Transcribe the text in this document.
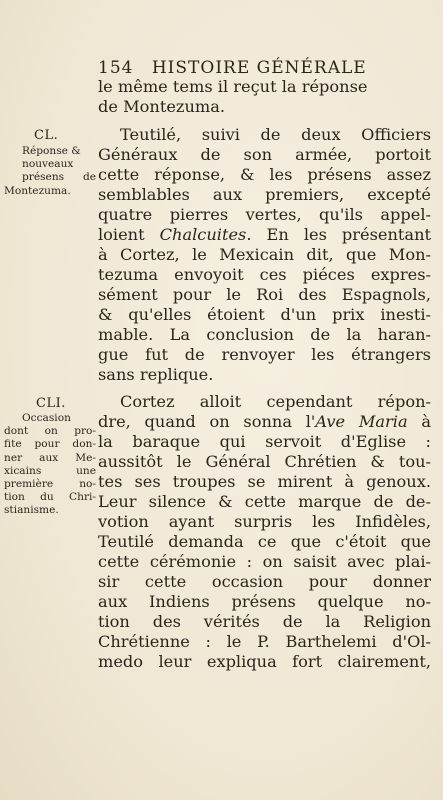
154 HISTOIRE GÉNÉRALE
le même tems il reçut la réponse
de Montezuma.
Teutilé, suivi de deux Officiers
Généraux de son armée, portoit
cette réponse, & les présens assez
semblables aux premiers, excepté
quatre pierres vertes, qu'ils appel-
loient Chalcuites. En les présentant
à Cortez, le Mexicain dit, que Mon-
tezuma envoyoit ces piéces expres-
sément pour le Roi des Espagnols,
& qu'elles étoient d'un prix inesti-
mable. La conclusion de la haran-
gue fut de renvoyer les étrangers
sans replique.
Cortez alloit cependant répon-
dre, quand on sonna l'Ave Maria à
la baraque qui servoit d'Eglise :
aussitôt le Général Chrétien & tou-
tes ses troupes se mirent à genoux.
Leur silence & cette marque de de-
votion ayant surpris les Infidèles,
Teutilé demanda ce que c'étoit que
cette cérémonie : on saisit avec plai-
sir cette occasion pour donner
aux Indiens présens quelque no-
tion des vérités de la Religion
Chrétienne : le P. Barthelemi d'Ol-
medo leur expliqua fort clairement,
CL.
Réponse &
nouveaux
présens de
Montezuma.
CLI.
Occasion
dont on pro-
fite pour don-
ner aux Me-
xicains une
première no-
tion du Chri-
stianisme.
